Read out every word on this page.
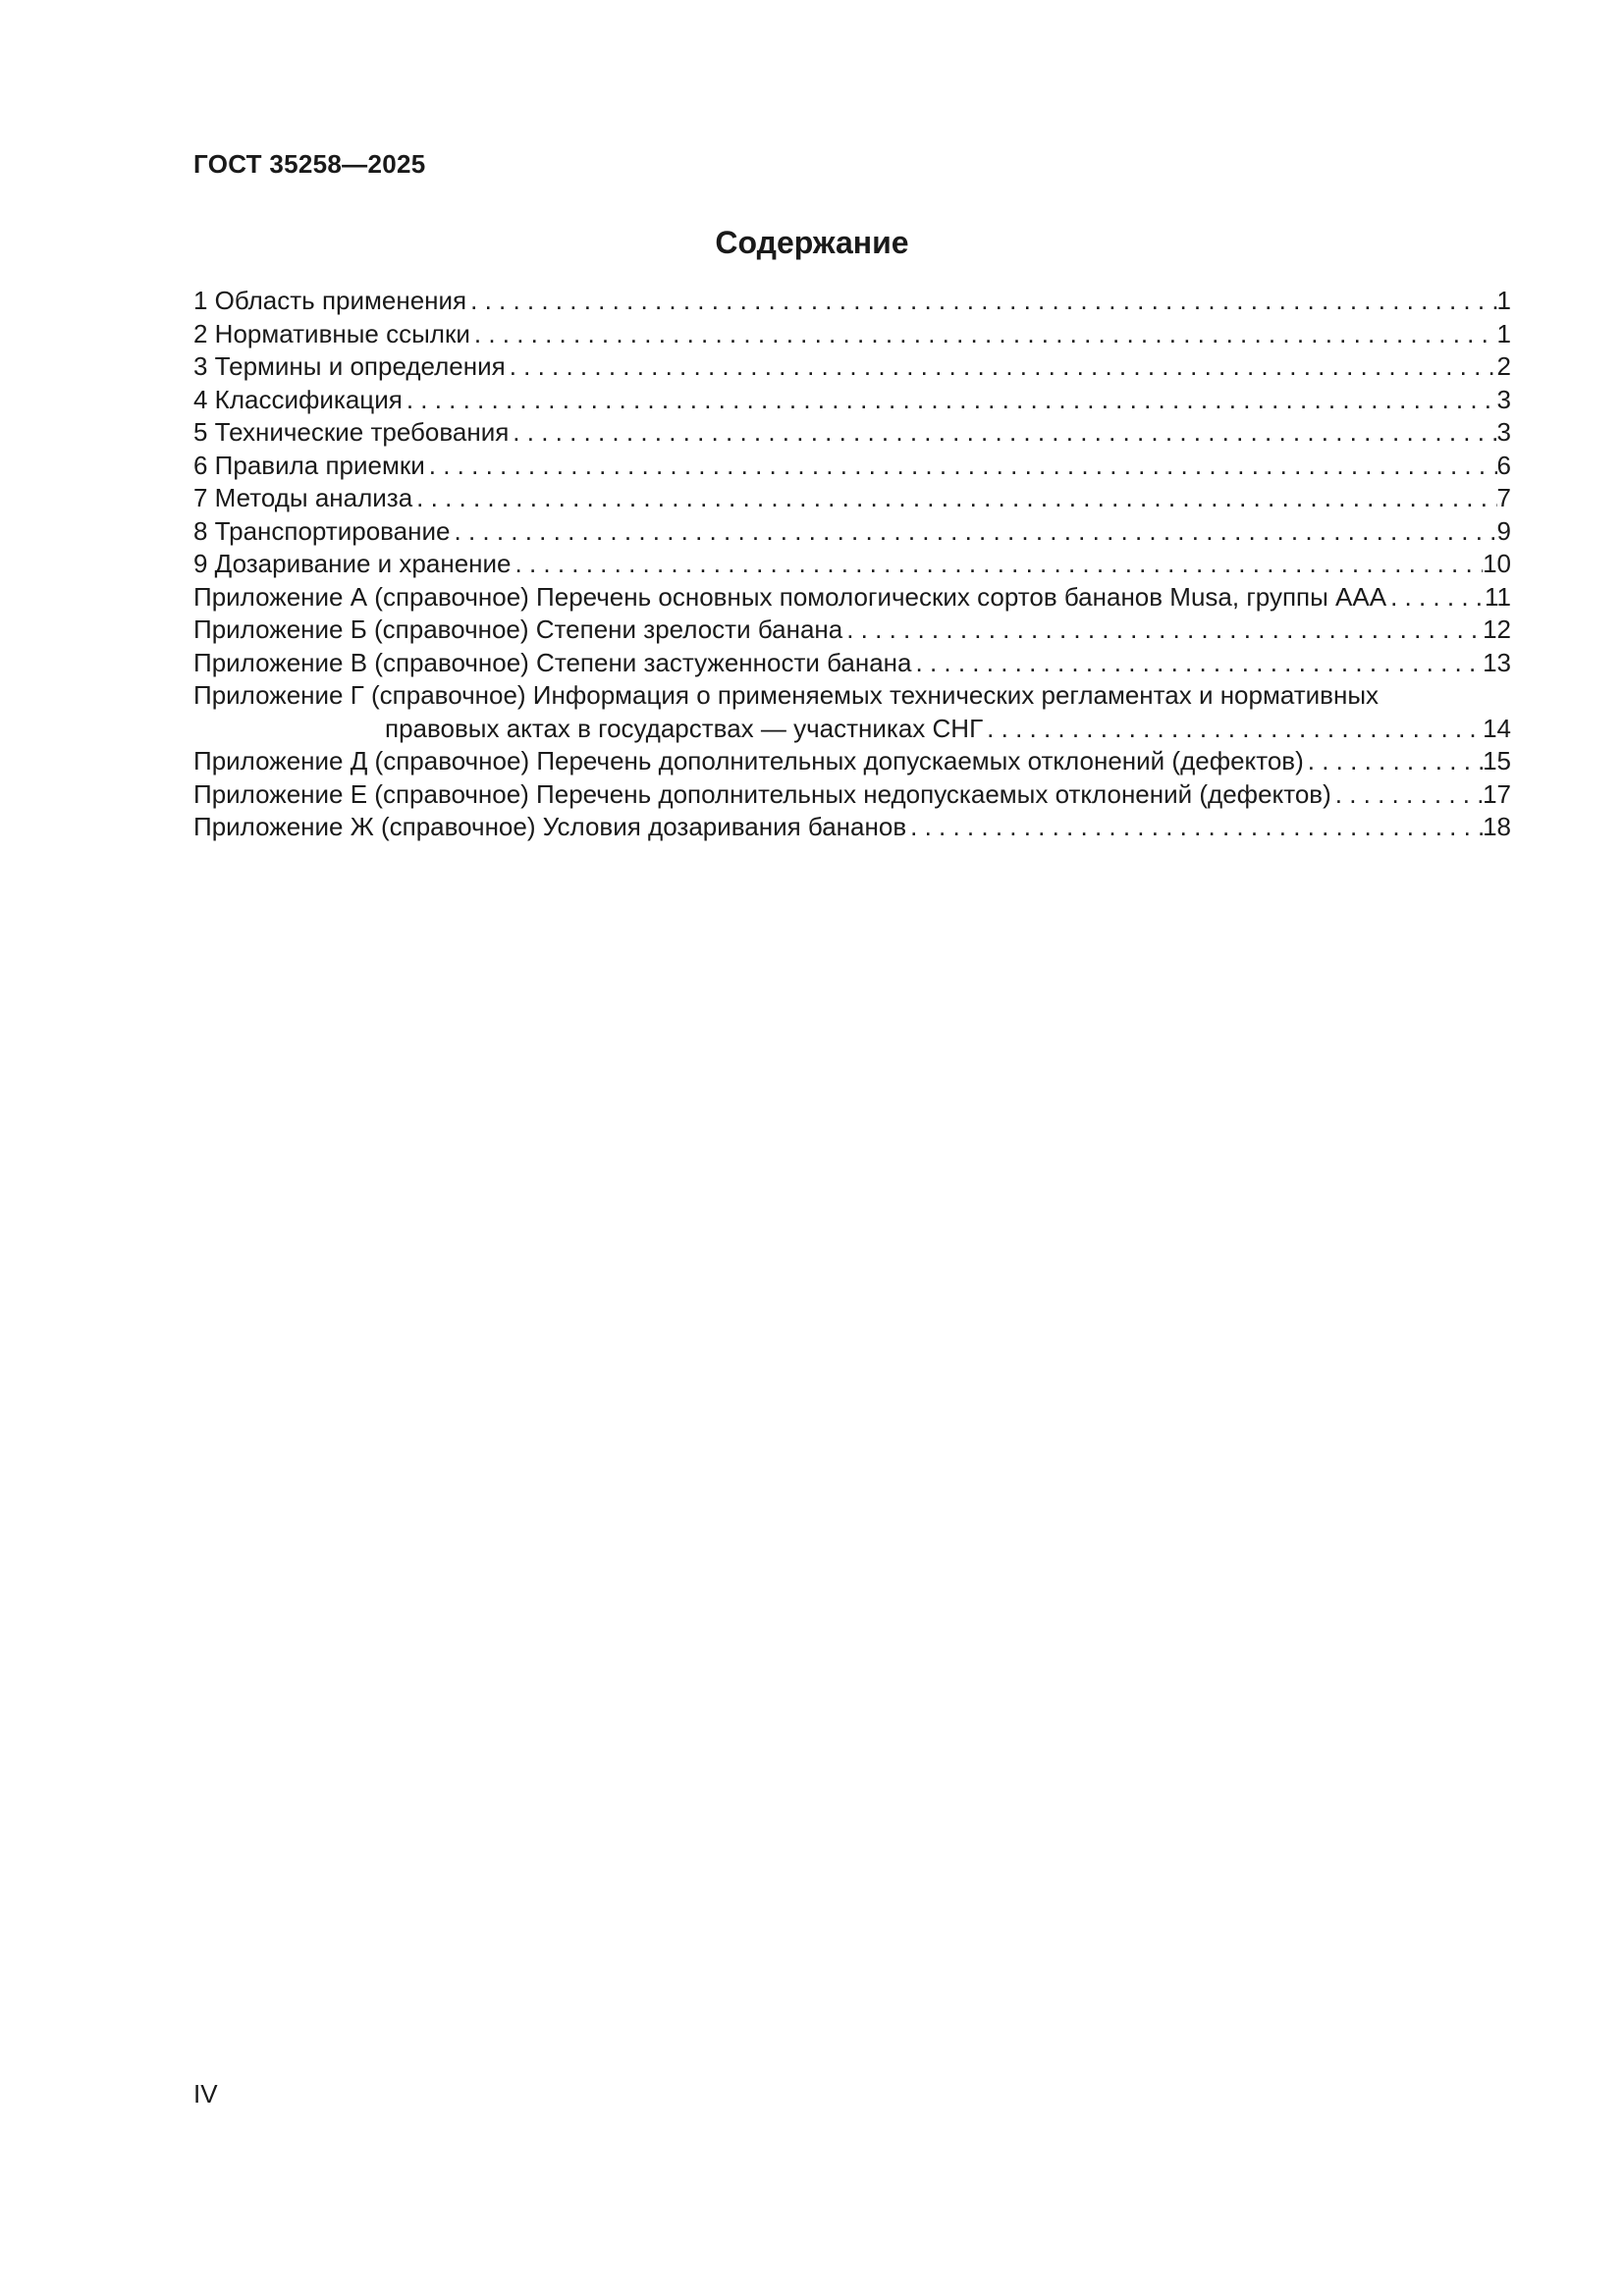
ГОСТ 35258—2025
Содержание
1 Область применения . . .	1
2 Нормативные ссылки . . .	1
3 Термины и определения . . .	2
4 Классификация . . .	3
5 Технические требования . . .	3
6 Правила приемки . . .	6
7 Методы анализа . . .	7
8 Транспортирование . . .	9
9 Дозаривание и хранение . . .	10
Приложение А (справочное) Перечень основных помологических сортов бананов Musa, группы ААА . . .	11
Приложение Б (справочное) Степени зрелости банана . . .	12
Приложение В (справочное) Степени застуженности банана . . .	13
Приложение Г (справочное) Информация о применяемых технических регламентах и нормативных
правовых актах в государствах — участниках СНГ . . .	14
Приложение Д (справочное) Перечень дополнительных допускаемых отклонений (дефектов) . . .	15
Приложение Е (справочное) Перечень дополнительных недопускаемых отклонений (дефектов) . . .	17
Приложение Ж (справочное) Условия дозаривания бананов . . .	18
IV
